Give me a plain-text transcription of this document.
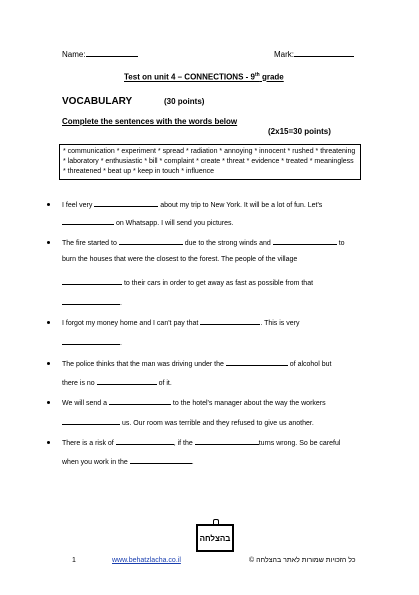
Name:	Mark:
Test on unit 4 – CONNECTIONS - 9th grade
VOCABULARY	(30 points)
Complete the sentences with the words below
(2x15=30 points)
* communication * experiment * spread * radiation * annoying * innocent * rushed * threatening * laboratory * enthusiastic * bill * complaint * create * threat * evidence * treated * meaningless * threatened * beat up * keep in touch * influence
I feel very	about my trip to New York. It will be a lot of fun. Let's
on Whatsapp. I will send you pictures.
The fire started to	due to the strong winds and	to
burn the houses that were the closest to the forest. The people of the village
to their cars in order to get away as fast as possible from that
.
I forgot my money home and I can't pay that	. This is very
.
The police thinks that the man was driving under the	of alcohol but
there is no	of it.
We will send a	to the hotel's manager about the way the workers
us. Our room was terrible and they refused to give us another.
There is a risk of	, if the	turns wrong. So be careful
when you work in the	.
בהצלחה
1	www.behatzlacha.co.il	כל הזכויות שמורות לאתר בהצלחה ©
